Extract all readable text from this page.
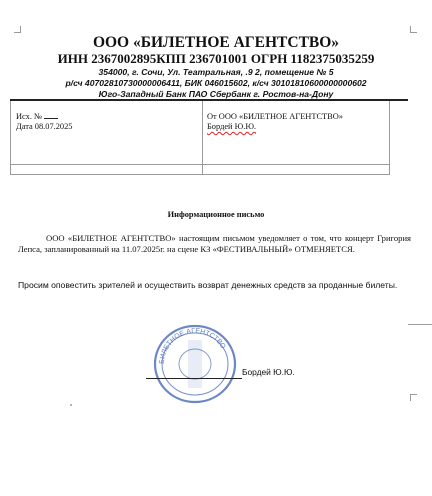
ООО «БИЛЕТНОЕ АГЕНТСТВО»
ИНН 2367002895КПП 236701001 ОГРН 1182375035259
354000, г. Сочи, Ул. Театральная, .9 2, помещение № 5
р/сч 40702810730000006411, БИК 046015602, к/сч 30101810600000000602
Юго-Западный Банк ПАО Сбербанк г. Ростов-на-Дону
Исх. №
Дата 08.07.2025
От ООО «БИЛЕТНОЕ АГЕНТСТВО»
Бордей Ю.Ю.
Информационное письмо
ООО «БИЛЕТНОЕ АГЕНТСТВО» настоящим письмом уведомляет о том, что концерт Григория Лепса, запланированный на 11.07.2025г. на сцене КЗ «ФЕСТИВАЛЬНЫЙ» ОТМЕНЯЕТСЯ.
Просим оповестить зрителей и осуществить возврат денежных средств за проданные билеты.
БИЛЕТНОЕ АГЕНТСТВО
Бордей Ю.Ю.
